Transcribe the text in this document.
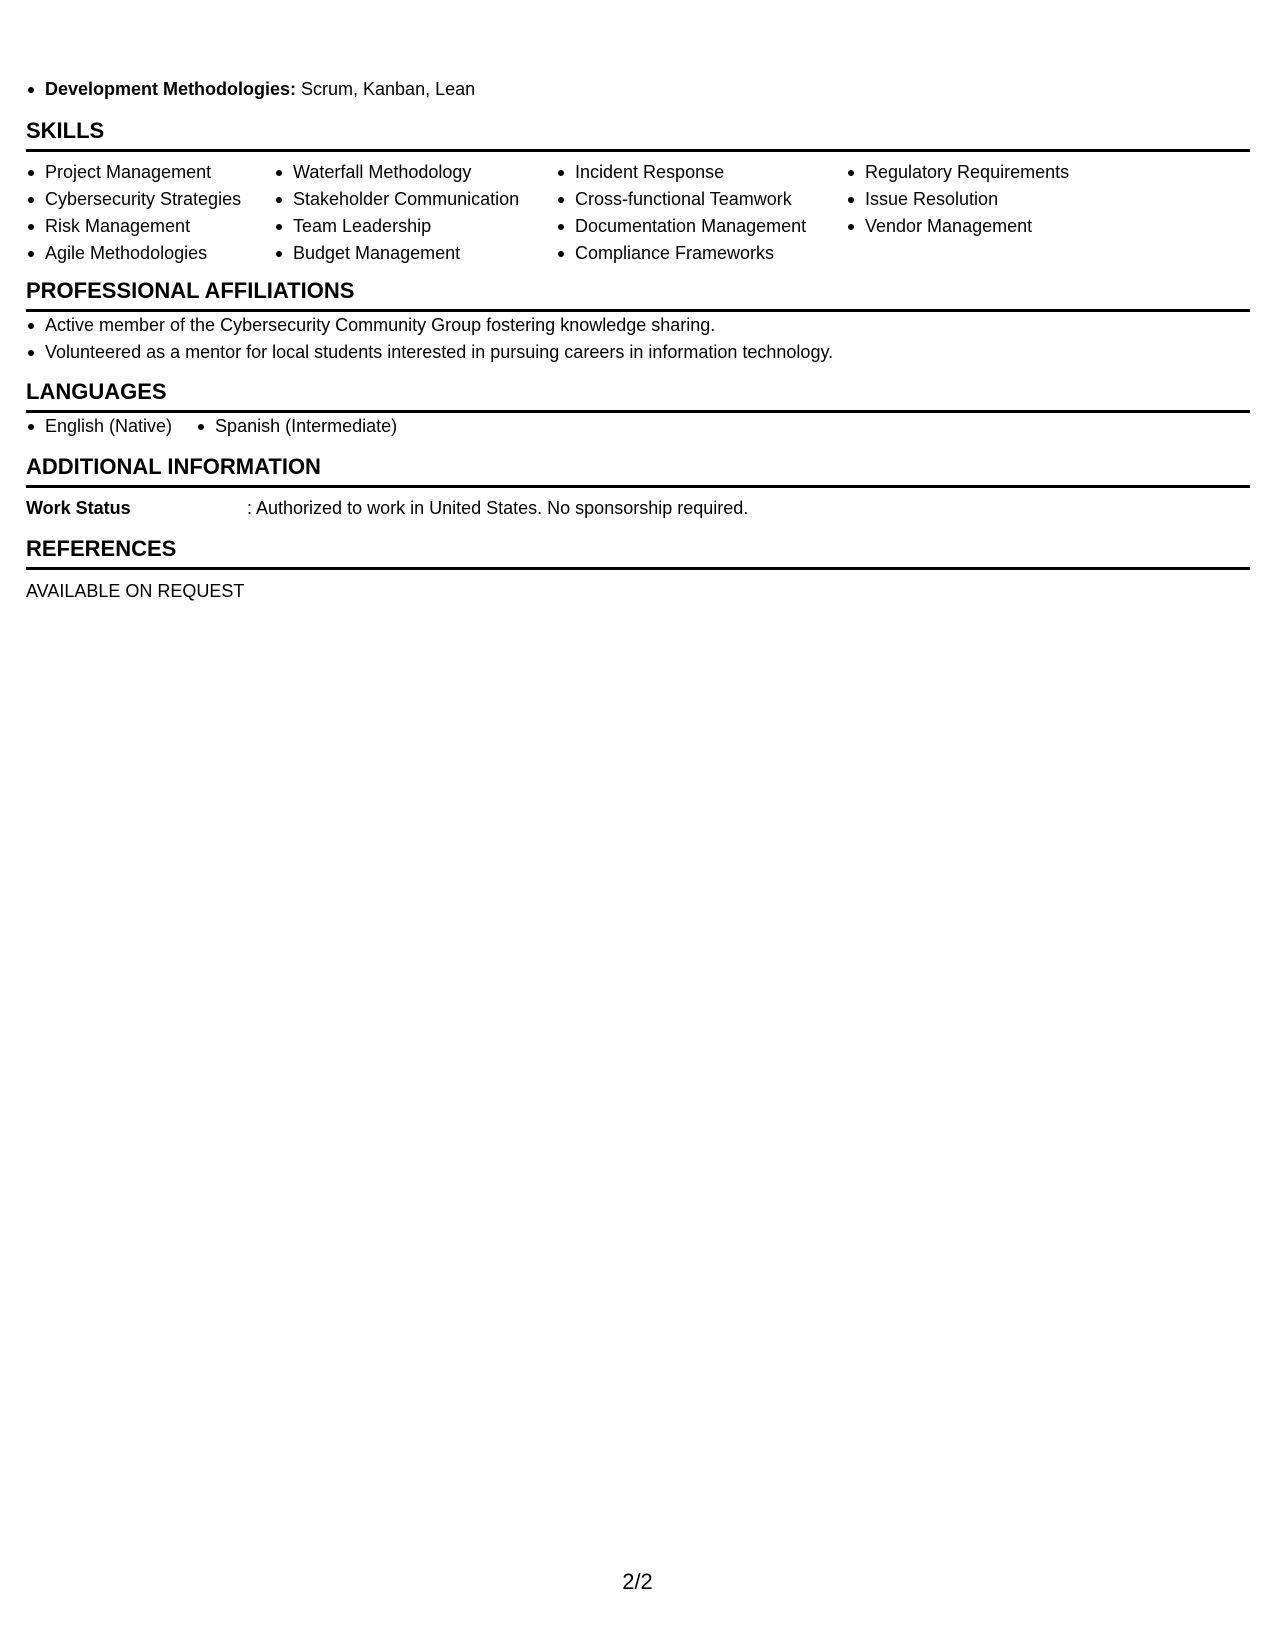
Development Methodologies: Scrum, Kanban, Lean
SKILLS
Project Management
Cybersecurity Strategies
Risk Management
Agile Methodologies
Waterfall Methodology
Stakeholder Communication
Team Leadership
Budget Management
Incident Response
Cross-functional Teamwork
Documentation Management
Compliance Frameworks
Regulatory Requirements
Issue Resolution
Vendor Management
PROFESSIONAL AFFILIATIONS
Active member of the Cybersecurity Community Group fostering knowledge sharing.
Volunteered as a mentor for local students interested in pursuing careers in information technology.
LANGUAGES
English (Native)	Spanish (Intermediate)
ADDITIONAL INFORMATION
Work Status	: Authorized to work in United States. No sponsorship required.
REFERENCES
AVAILABLE ON REQUEST
2/2
